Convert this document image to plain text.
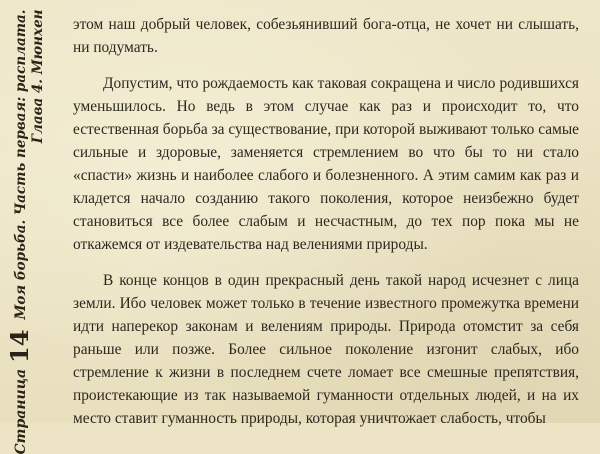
Страница
14
Моя борьба. Часть первая: расплата. Глава 4. Мюнхен этом наш добрый человек, собезьянивший бога-отца, не хочет ни слышать, ни подумать.

Допустим, что рождаемость как таковая сокращена и число родившихся уменьшилось. Но ведь в этом случае как раз и происходит то, что естественная борьба за существование, при которой выживают только самые сильные и здоровые, заменяется стремлением во что бы то ни стало «спасти» жизнь и наиболее слабого и болезненного. А этим самим как раз и кладется начало созданию такого поколения, которое неизбежно будет становиться все более слабым и несчастным, до тех пор пока мы не откажемся от издевательства над велениями природы.

В конце концов в один прекрасный день такой народ исчезнет с лица земли. Ибо человек может только в течение известного промежутка времени идти наперекор законам и велениям природы. Природа отомстит за себя раньше или позже. Более сильное поколение изгонит слабых, ибо стремление к жизни в последнем счете ломает все смешные препятствия, проистекающие из так называемой гуманности отдельных людей, и на их место ставит гуманность природы, которая уничтожает слабость, чтобы
